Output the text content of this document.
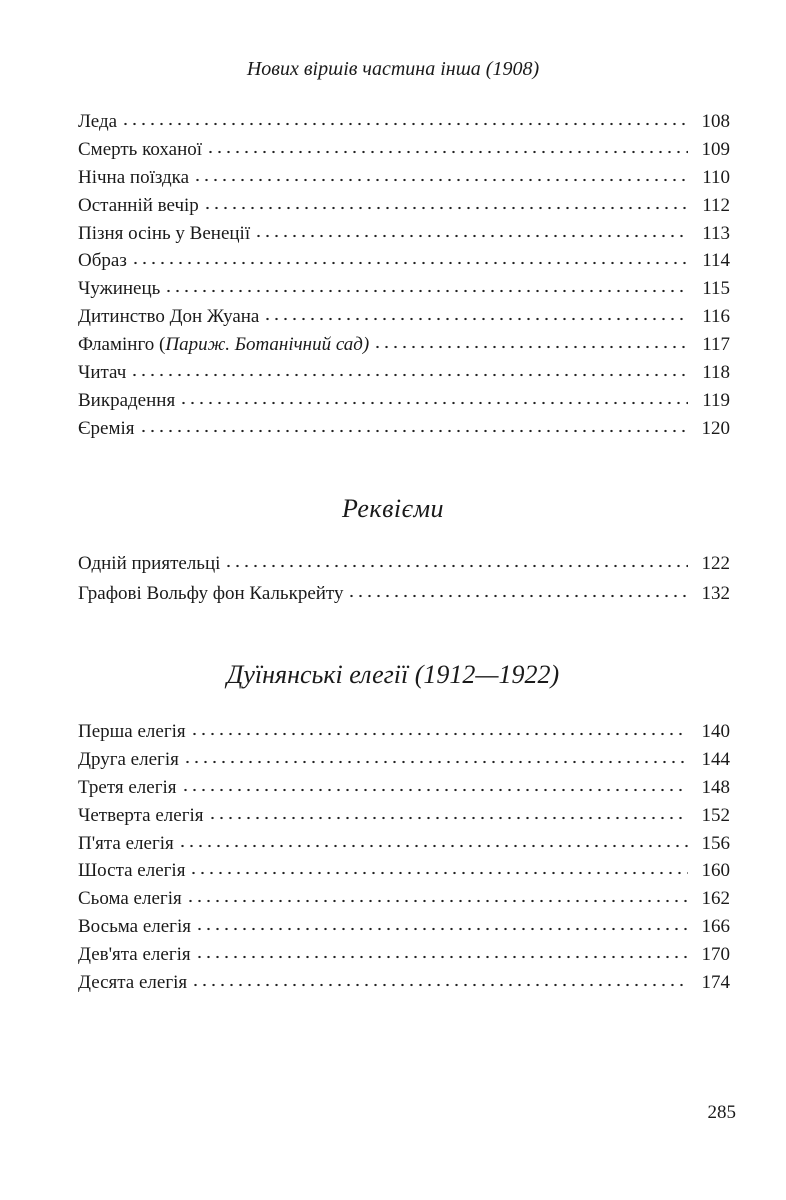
Нових віршів частина інша (1908)
Леда	108
Смерть коханої	109
Нічна поїздка	110
Останній вечір	112
Пізня осінь у Венеції	113
Образ	114
Чужинець	115
Дитинство Дон Жуана	116
Фламінго (Париж. Ботанічний сад)	117
Читач	118
Викрадення	119
Єремія	120
Реквієми
Одній приятельці	122
Графові Вольфу фон Калькрейту	132
Дуїнянські елегії (1912—1922)
Перша елегія	140
Друга елегія	144
Третя елегія	148
Четверта елегія	152
П'ята елегія	156
Шоста елегія	160
Сьома елегія	162
Восьма елегія	166
Дев'ята елегія	170
Десята елегія	174
285
